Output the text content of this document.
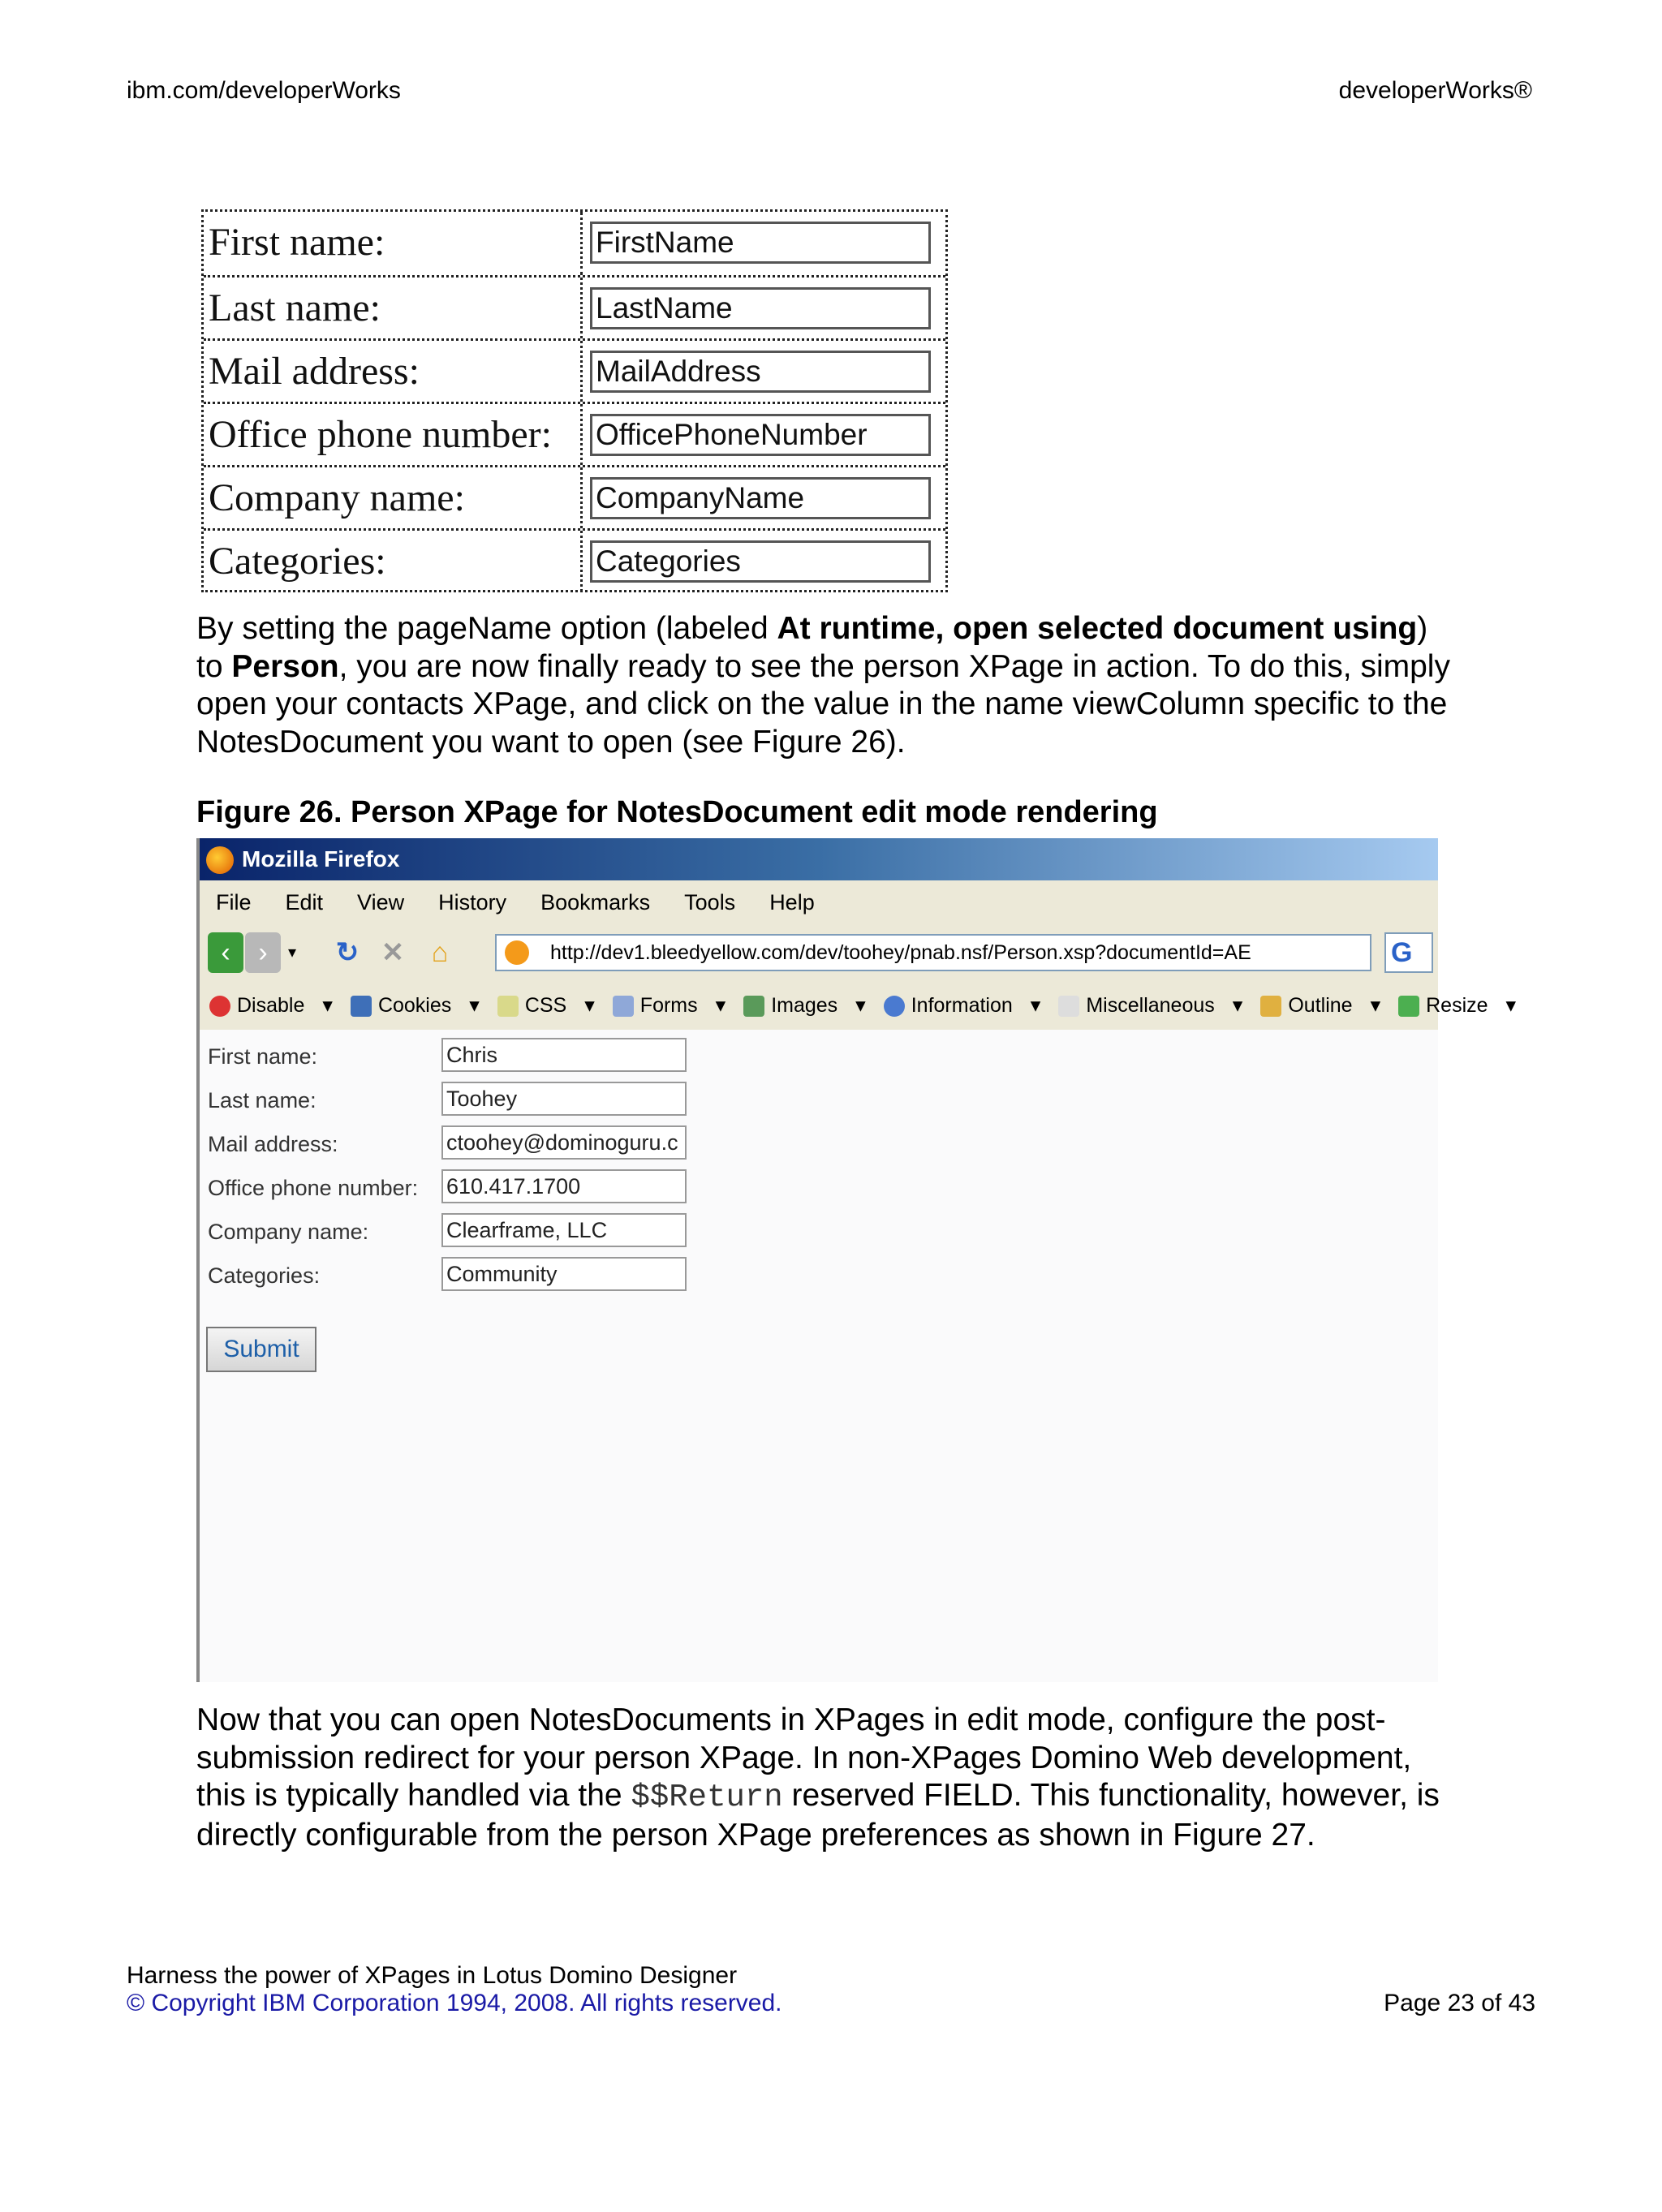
ibm.com/developerWorks	developerWorks®
First name:	FirstName
Last name:	LastName
Mail address:	MailAddress
Office phone number: OfficePhoneNumber
Company name:	CompanyName
Categories:	Categories
By setting the pageName option (labeled At runtime, open selected document using) to Person, you are now finally ready to see the person XPage in action. To do this, simply open your contacts XPage, and click on the value in the name viewColumn specific to the NotesDocument you want to open (see Figure 26).
Figure 26. Person XPage for NotesDocument edit mode rendering
Mozilla Firefox
File Edit View History Bookmarks Tools Help
‹	›	▾ ↻ ✕ ⌂	http://dev1.bleedyellow.com/dev/toohey/pnab.nsf/Person.xsp?documentId=AE	G
Disable ▾ Cookies ▾ CSS ▾ Forms ▾ Images ▾ Information ▾ Miscellaneous ▾ Outline ▾ Resize ▾
First name:	Chris
Last name:	Toohey
Mail address:	ctoohey@dominoguru.c
Office phone number: 610.417.1700
Company name:	Clearframe, LLC
Categories:	Community
Submit
Now that you can open NotesDocuments in XPages in edit mode, configure the post-submission redirect for your person XPage. In non-XPages Domino Web development, this is typically handled via the $$Return reserved FIELD. This functionality, however, is directly configurable from the person XPage preferences as shown in Figure 27.
Harness the power of XPages in Lotus Domino Designer
© Copyright IBM Corporation 1994, 2008. All rights reserved.	Page 23 of 43
